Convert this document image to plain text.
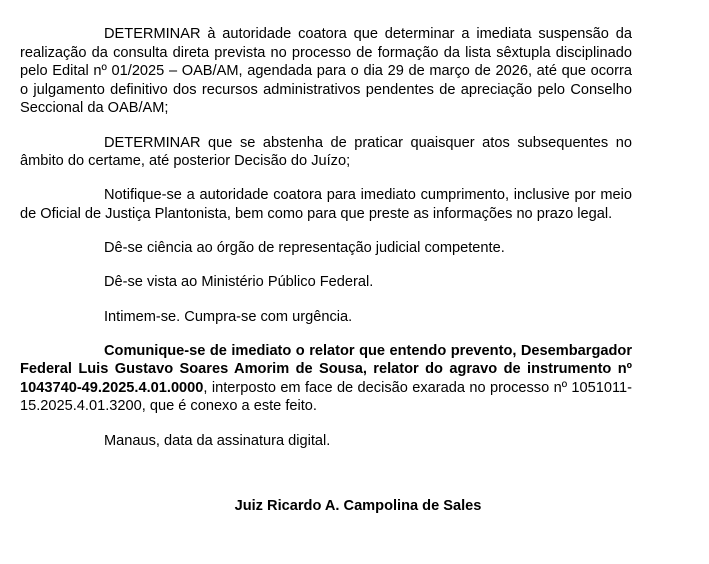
DETERMINAR à autoridade coatora que determinar a imediata suspensão da realização da consulta direta prevista no processo de formação da lista sêxtupla disciplinado pelo Edital nº 01/2025 – OAB/AM, agendada para o dia 29 de março de 2026, até que ocorra o julgamento definitivo dos recursos administrativos pendentes de apreciação pelo Conselho Seccional da OAB/AM;

DETERMINAR que se abstenha de praticar quaisquer atos subsequentes no âmbito do certame, até posterior Decisão do Juízo;

Notifique-se a autoridade coatora para imediato cumprimento, inclusive por meio de Oficial de Justiça Plantonista, bem como para que preste as informações no prazo legal.

Dê-se ciência ao órgão de representação judicial competente.

Dê-se vista ao Ministério Público Federal.

Intimem-se. Cumpra-se com urgência.

Comunique-se de imediato o relator que entendo prevento, Desembargador Federal Luis Gustavo Soares Amorim de Sousa, relator do agravo de instrumento nº 1043740-49.2025.4.01.0000, interposto em face de decisão exarada no processo nº 1051011-15.2025.4.01.3200, que é conexo a este feito.

Manaus, data da assinatura digital.

Juiz Ricardo A. Campolina de Sales
